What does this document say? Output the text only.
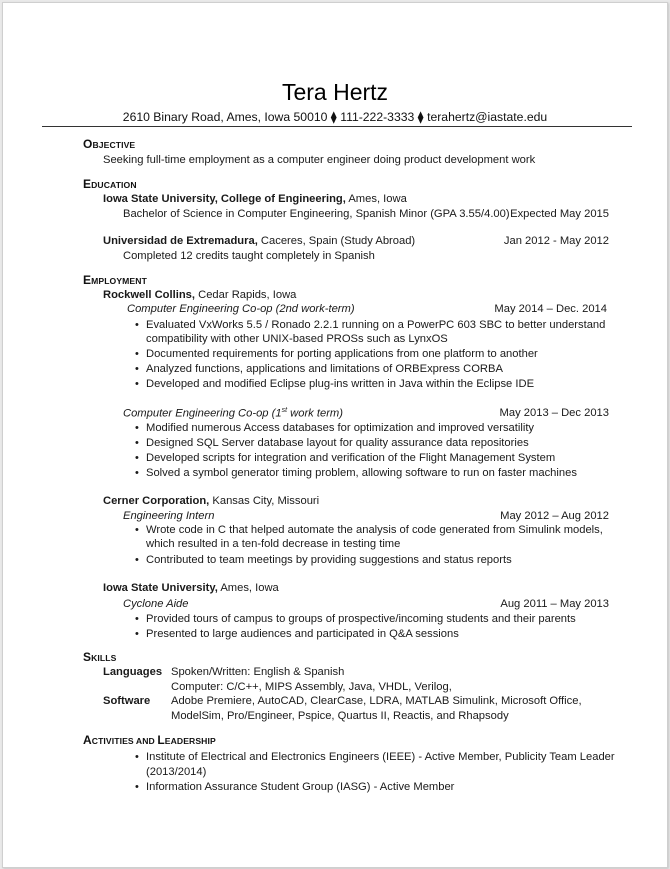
Tera Hertz
2610 Binary Road, Ames, Iowa 50010 ⧫ 111-222-3333 ⧫ terahertz@iastate.edu
OBJECTIVE
Seeking full-time employment as a computer engineer doing product development work
EDUCATION
Iowa State University, College of Engineering, Ames, Iowa
Bachelor of Science in Computer Engineering, Spanish Minor (GPA 3.55/4.00) Expected May 2015
Universidad de Extremadura, Caceres, Spain (Study Abroad)	Jan 2012 - May 2012
Completed 12 credits taught completely in Spanish
EMPLOYMENT
Rockwell Collins, Cedar Rapids, Iowa
Computer Engineering Co-op (2nd work-term)	May 2014 – Dec. 2014
• Evaluated VxWorks 5.5 / Ronado 2.2.1 running on a PowerPC 603 SBC to better understand
compatibility with other UNIX-based PROSs such as LynxOS
• Documented requirements for porting applications from one platform to another
• Analyzed functions, applications and limitations of ORBExpress CORBA
• Developed and modified Eclipse plug-ins written in Java within the Eclipse IDE
Computer Engineering Co-op (1st work term)	May 2013 – Dec 2013
• Modified numerous Access databases for optimization and improved versatility
• Designed SQL Server database layout for quality assurance data repositories
• Developed scripts for integration and verification of the Flight Management System
• Solved a symbol generator timing problem, allowing software to run on faster machines
Cerner Corporation, Kansas City, Missouri
Engineering Intern	May 2012 – Aug 2012
• Wrote code in C that helped automate the analysis of code generated from Simulink models,
which resulted in a ten-fold decrease in testing time
• Contributed to team meetings by providing suggestions and status reports
Iowa State University, Ames, Iowa
Cyclone Aide	Aug 2011 – May 2013
• Provided tours of campus to groups of prospective/incoming students and their parents
• Presented to large audiences and participated in Q&A sessions
SKILLS
Languages Spoken/Written: English & Spanish
Computer: C/C++, MIPS Assembly, Java, VHDL, Verilog,
Software Adobe Premiere, AutoCAD, ClearCase, LDRA, MATLAB Simulink, Microsoft Office,
ModelSim, Pro/Engineer, Pspice, Quartus II, Reactis, and Rhapsody
ACTIVITIES AND LEADERSHIP
• Institute of Electrical and Electronics Engineers (IEEE) - Active Member, Publicity Team Leader
(2013/2014)
• Information Assurance Student Group (IASG) - Active Member
